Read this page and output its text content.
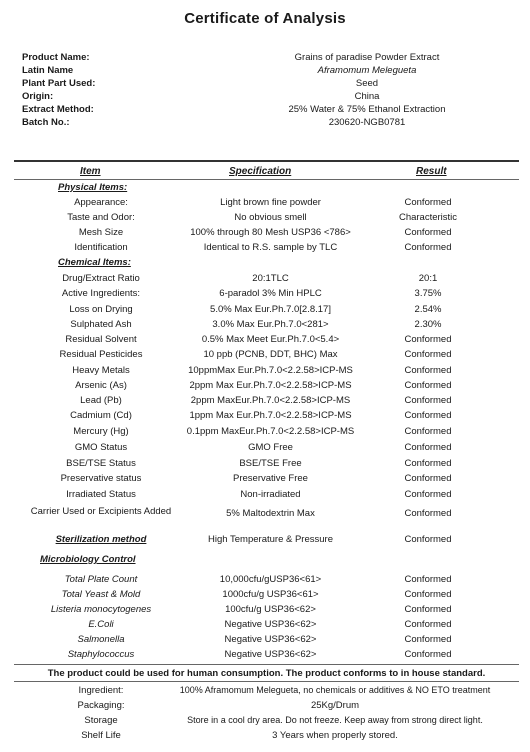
Certificate of Analysis
Product Name:	Grains of paradise Powder Extract
Latin Name	Aframomum Melegueta
Plant Part Used:	Seed
Origin:	China
Extract Method:	25% Water & 75% Ethanol Extraction
Batch No.:	230620-NGB0781
Item	Specification	Result
Physical Items:
Appearance:	Light brown fine powder	Conformed
Taste and Odor:	No obvious smell	Characteristic
Mesh Size	100% through 80 Mesh USP36 <786>	Conformed
Identification	Identical to R.S. sample by TLC	Conformed
Chemical Items:
Drug/Extract Ratio	20:1TLC	20:1
Active Ingredients:	6-paradol 3% Min HPLC	3.75%
Loss on Drying	5.0% Max Eur.Ph.7.0[2.8.17]	2.54%
Sulphated Ash	3.0% Max Eur.Ph.7.0<281>	2.30%
Residual Solvent	0.5% Max Meet Eur.Ph.7.0<5.4>	Conformed
Residual Pesticides	10 ppb (PCNB, DDT, BHC) Max	Conformed
Heavy Metals	10ppmMax Eur.Ph.7.0<2.2.58>ICP-MS	Conformed
Arsenic (As)	2ppm Max Eur.Ph.7.0<2.2.58>ICP-MS	Conformed
Lead (Pb)	2ppm MaxEur.Ph.7.0<2.2.58>ICP-MS	Conformed
Cadmium (Cd)	1ppm Max Eur.Ph.7.0<2.2.58>ICP-MS	Conformed
Mercury (Hg)	0.1ppm MaxEur.Ph.7.0<2.2.58>ICP-MS	Conformed
GMO Status	GMO Free	Conformed
BSE/TSE Status	BSE/TSE Free	Conformed
Preservative status	Preservative Free	Conformed
Irradiated Status	Non-irradiated	Conformed
Carrier Used or Excipients Added	5% Maltodextrin Max	Conformed
Sterilization method	High Temperature & Pressure	Conformed
Microbiology Control
Total Plate Count	10,000cfu/gUSP36<61>	Conformed
Total Yeast & Mold	1000cfu/g USP36<61>	Conformed
Listeria monocytogenes	100cfu/g USP36<62>	Conformed
E.Coli	Negative USP36<62>	Conformed
Salmonella	Negative USP36<62>	Conformed
Staphylococcus	Negative USP36<62>	Conformed
The product could be used for human consumption. The product conforms to in house standard.
Ingredient:	100% Aframomum Melegueta, no chemicals or additives & NO ETO treatment
Packaging:	25Kg/Drum
Storage	Store in a cool dry area. Do not freeze. Keep away from strong direct light.
Shelf Life	3 Years when properly stored.
